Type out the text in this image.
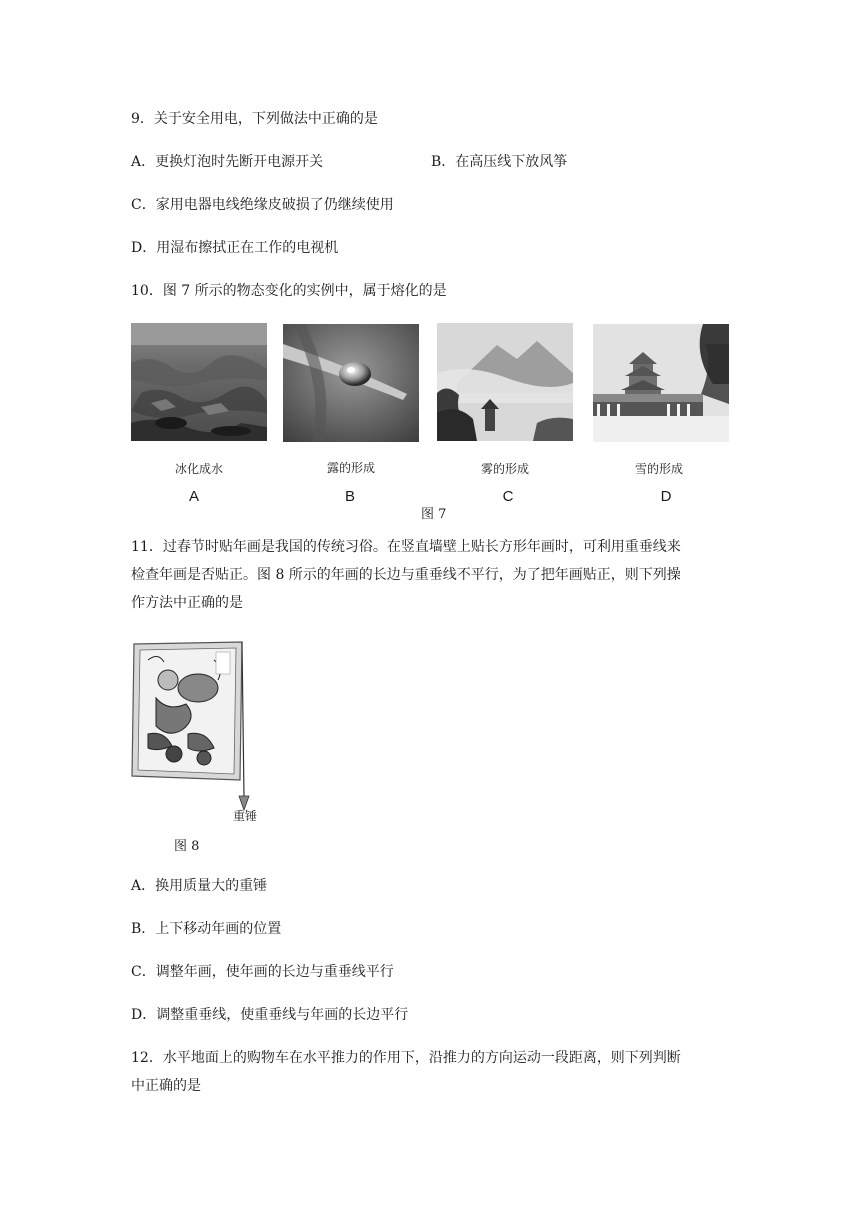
9．关于安全用电，下列做法中正确的是
A．更换灯泡时先断开电源开关	B．在高压线下放风筝
C．家用电器电线绝缘皮破损了仍继续使用
D．用湿布擦拭正在工作的电视机
10．图 7 所示的物态变化的实例中，属于熔化的是
冰化成水	露的形成	雾的形成	雪的形成
A	B	C	D
图 7
11．过春节时贴年画是我国的传统习俗。在竖直墙壁上贴长方形年画时，可利用重垂线来
检查年画是否贴正。图 8 所示的年画的长边与重垂线不平行，为了把年画贴正，则下列操
作方法中正确的是
重锤
图 8
A．换用质量大的重锤
B．上下移动年画的位置
C．调整年画，使年画的长边与重垂线平行
D．调整重垂线，使重垂线与年画的长边平行
12．水平地面上的购物车在水平推力的作用下，沿推力的方向运动一段距离，则下列判断
中正确的是
